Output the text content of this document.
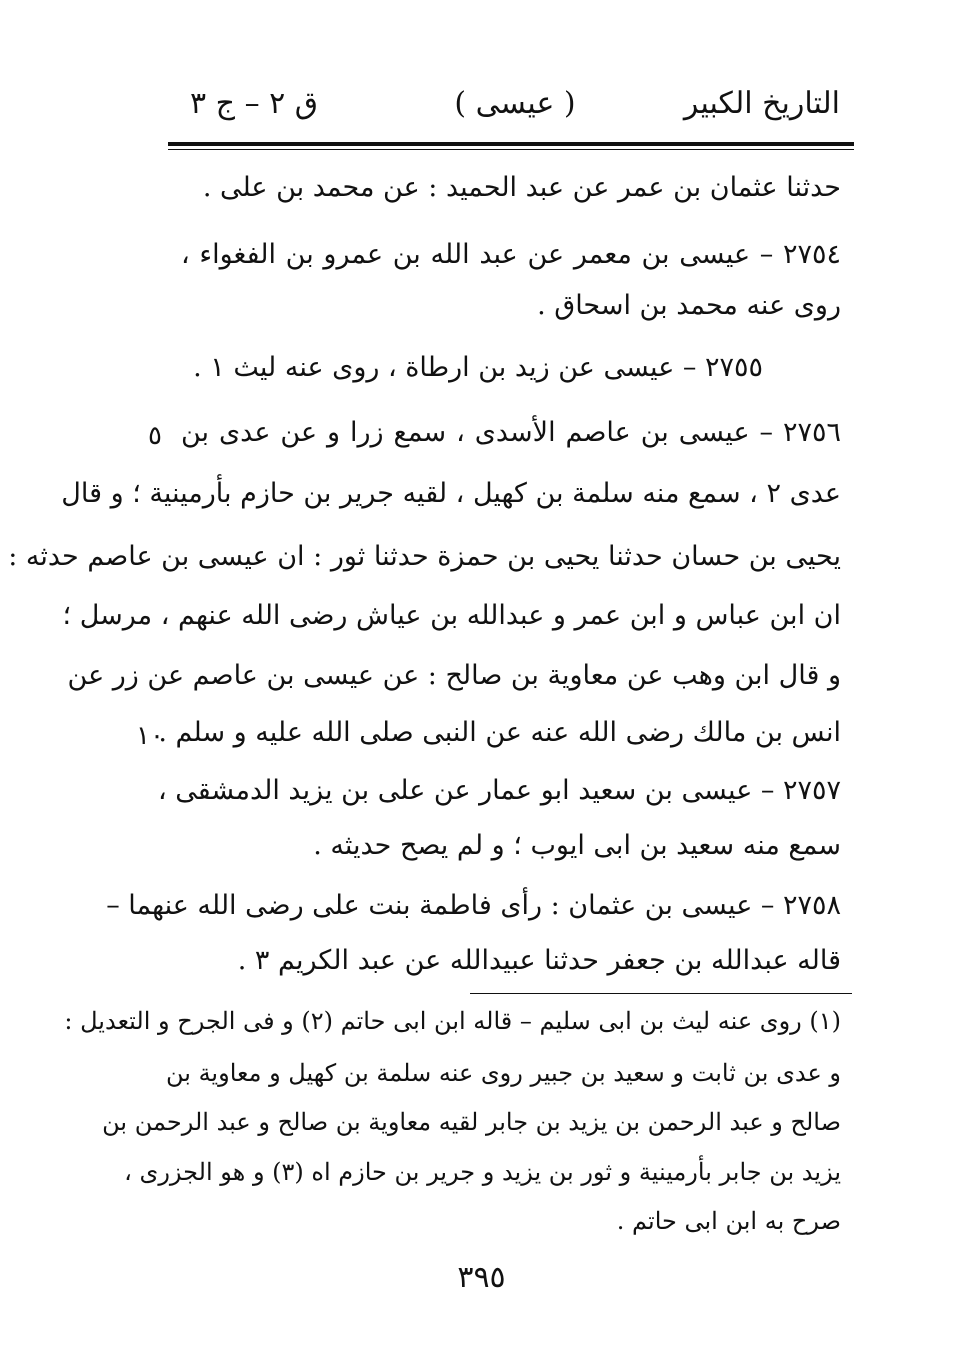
التاريخ الكبير
( عيسى )
ق ٢ – ج ٣
حدثنا عثمان بن عمر عن عبد الحميد : عن محمد بن على .
٢٧٥٤ – عيسى بن معمر عن عبد الله بن عمرو بن الفغواء ،
روى عنه محمد بن اسحاق .
٢٧٥٥ – عيسى عن زيد بن ارطاة ، روى عنه ليث ١ .
٢٧٥٦ – عيسى بن عاصم الأسدى ، سمع زرا و عن عدى بن
عدى ٢ ، سمع منه سلمة بن كهيل ، لقيه جرير بن حازم بأرمينية ؛ و قال
يحيى بن حسان حدثنا يحيى بن حمزة حدثنا ثور : ان عيسى بن عاصم حدثه :
ان ابن عباس و ابن عمر و عبدالله بن عياش رضى الله عنهم ، مرسل ؛
و قال ابن وهب عن معاوية بن صالح : عن عيسى بن عاصم عن زر عن
انس بن مالك رضى الله عنه عن النبى صلى الله عليه و سلم .
٢٧٥٧ – عيسى بن سعيد ابو عمار عن على بن يزيد الدمشقى ،
سمع منه سعيد بن ابى ايوب ؛ و لم يصح حديثه .
٢٧٥٨ – عيسى بن عثمان : رأى فاطمة بنت على رضى الله عنهما –
قاله عبدالله بن جعفر حدثنا عبيدالله عن عبد الكريم ٣ .
٥
١٠
(١) روى عنه ليث بن ابى سليم – قاله ابن ابى حاتم (٢) و فى الجرح و التعديل :
و عدى بن ثابت و سعيد بن جبير روى عنه سلمة بن كهيل و معاوية بن
صالح و عبد الرحمن بن يزيد بن جابر لقيه معاوية بن صالح و عبد الرحمن بن
يزيد بن جابر بأرمينية و ثور بن يزيد و جرير بن حازم اه (٣) و هو الجزرى ،
صرح به ابن ابى حاتم .
٣٩٥
